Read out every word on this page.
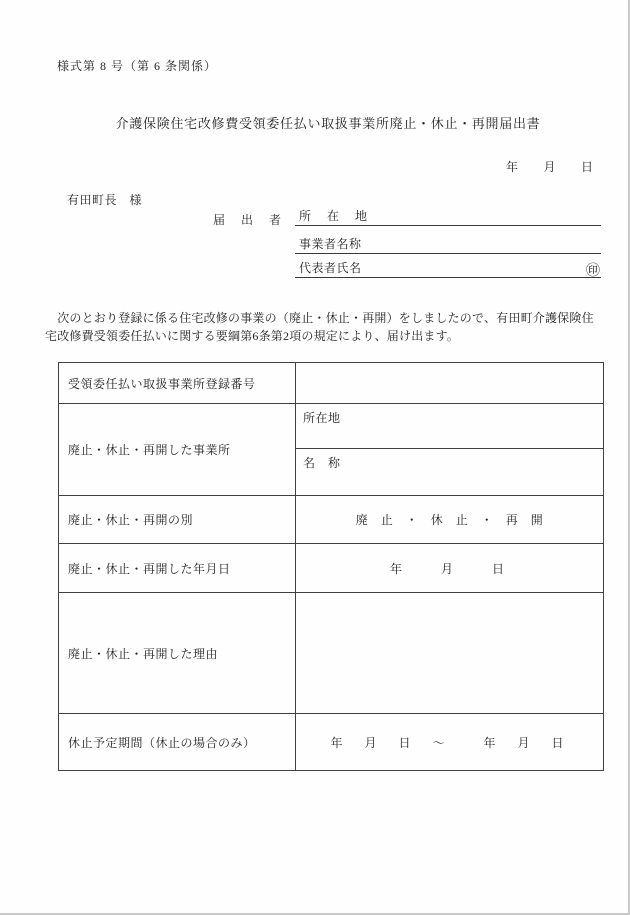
様式第 8 号（第 6 条関係）
介護保険住宅改修費受領委任払い取扱事業所廃止・休止・再開届出書
年　　月　　日
有田町長　様
届　出　者 所　在　地
事業者名称
代表者氏名	㊞
　次のとおり登録に係る住宅改修の事業の（廃止・休止・再開）をしましたので、有田町介護保険住
宅改修費受領委任払いに関する要綱第6条第2項の規定により、届け出ます。
受領委任払い取扱事業所登録番号	
廃止・休止・再開した事業所	所在地
	名　称
廃止・休止・再開の別	廃　止　・　休　止　・　再　開
廃止・休止・再開した年月日	年　　月　　日
廃止・休止・再開した理由	
休止予定期間（休止の場合のみ）	年　月　日　～　　年　月　日
